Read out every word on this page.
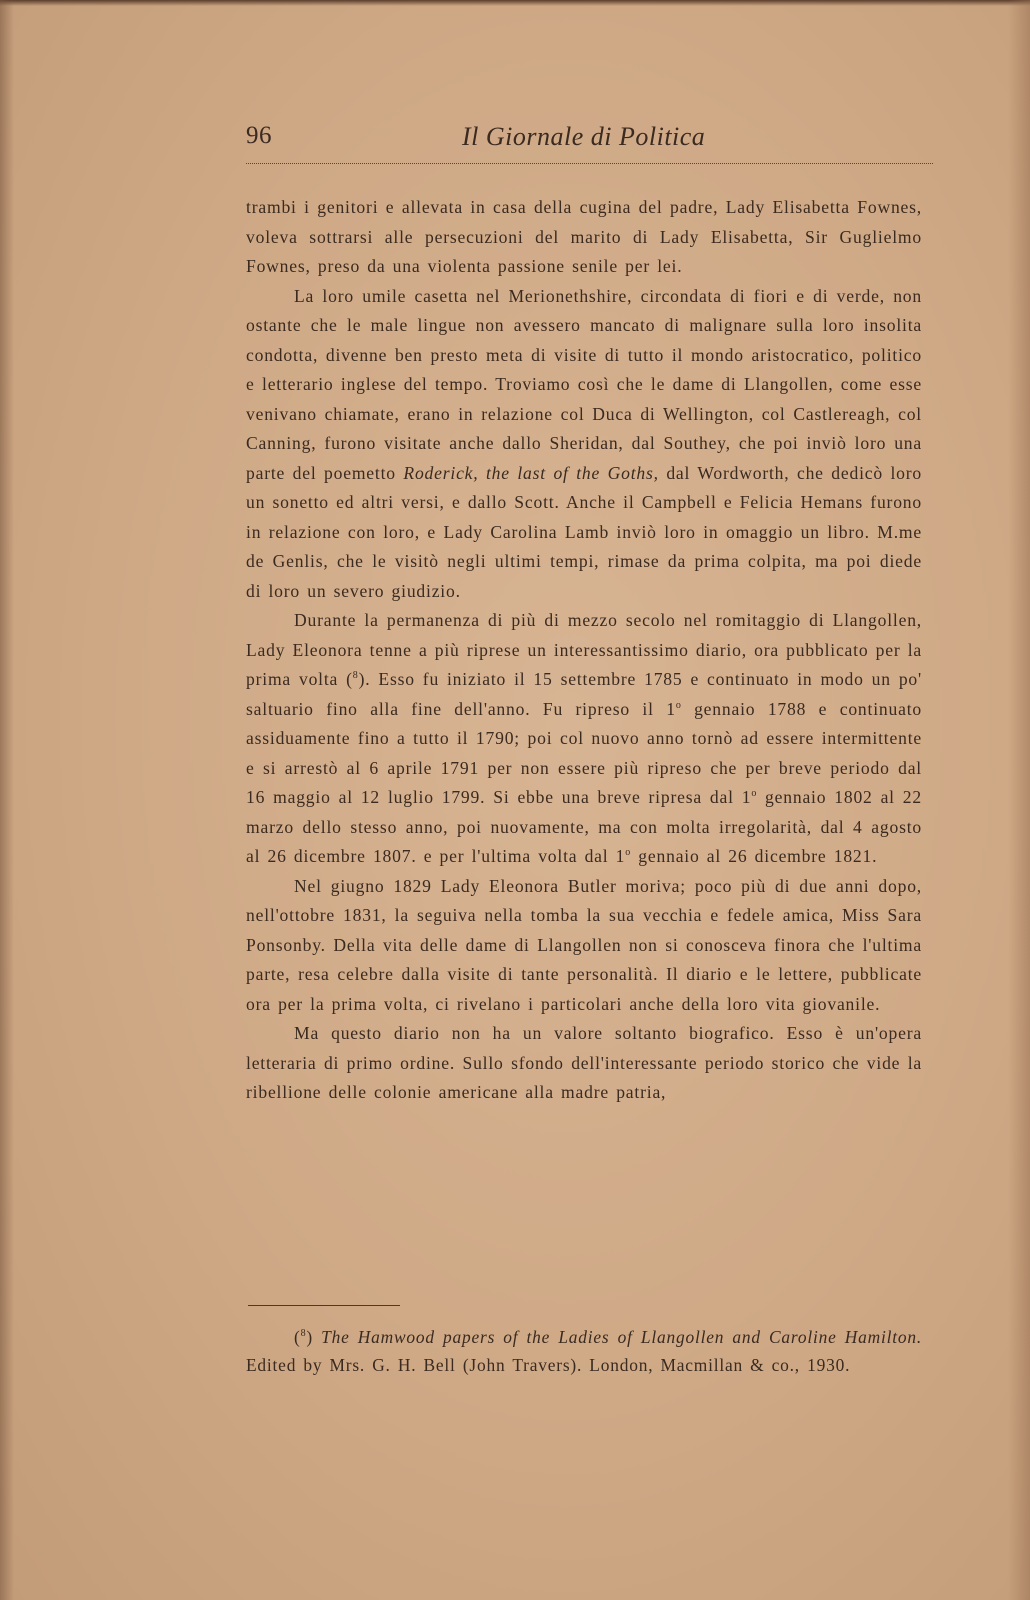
96	Il Giornale di Politica

trambi i genitori e allevata in casa della cugina del padre, Lady Elisabetta Fownes, voleva sottrarsi alle persecuzioni del marito di Lady Elisabetta, Sir Guglielmo Fownes, preso da una violenta passione senile per lei.

La loro umile casetta nel Merionethshire, circondata di fiori e di verde, non ostante che le male lingue non avessero mancato di malignare sulla loro insolita condotta, divenne ben presto meta di visite di tutto il mondo aristocratico, politico e letterario inglese del tempo. Troviamo così che le dame di Llangollen, come esse venivano chiamate, erano in relazione col Duca di Wellington, col Castlereagh, col Canning, furono visitate anche dallo Sheridan, dal Southey, che poi inviò loro una parte del poemetto Roderick, the last of the Goths, dal Wordworth, che dedicò loro un sonetto ed altri versi, e dallo Scott. Anche il Campbell e Felicia Hemans furono in relazione con loro, e Lady Carolina Lamb inviò loro in omaggio un libro. M.me de Genlis, che le visitò negli ultimi tempi, rimase da prima colpita, ma poi diede di loro un severo giudizio.

Durante la permanenza di più di mezzo secolo nel romitaggio di Llangollen, Lady Eleonora tenne a più riprese un interessantissimo diario, ora pubblicato per la prima volta ($^8$). Esso fu iniziato il 15 settembre 1785 e continuato in modo un po' saltuario fino alla fine dell'anno. Fu ripreso il 1$^o$ gennaio 1788 e continuato assiduamente fino a tutto il 1790; poi col nuovo anno tornò ad essere intermittente e si arrestò al 6 aprile 1791 per non essere più ripreso che per breve periodo dal 16 maggio al 12 luglio 1799. Si ebbe una breve ripresa dal 1$^o$ gennaio 1802 al 22 marzo dello stesso anno, poi nuovamente, ma con molta irregolarità, dal 4 agosto al 26 dicembre 1807. e per l'ultima volta dal 1$^o$ gennaio al 26 dicembre 1821.

Nel giugno 1829 Lady Eleonora Butler moriva; poco più di due anni dopo, nell'ottobre 1831, la seguiva nella tomba la sua vecchia e fedele amica, Miss Sara Ponsonby. Della vita delle dame di Llangollen non si conosceva finora che l'ultima parte, resa celebre dalla visite di tante personalità. Il diario e le lettere, pubblicate ora per la prima volta, ci rivelano i particolari anche della loro vita giovanile.

Ma questo diario non ha un valore soltanto biografico. Esso è un'opera letteraria di primo ordine. Sullo sfondo dell'interessante periodo storico che vide la ribellione delle colonie americane alla madre patria,

($^8$) The Hamwood papers of the Ladies of Llangollen and Caroline Hamilton. Edited by Mrs. G. H. Bell (John Travers). London, Macmillan & co., 1930.
